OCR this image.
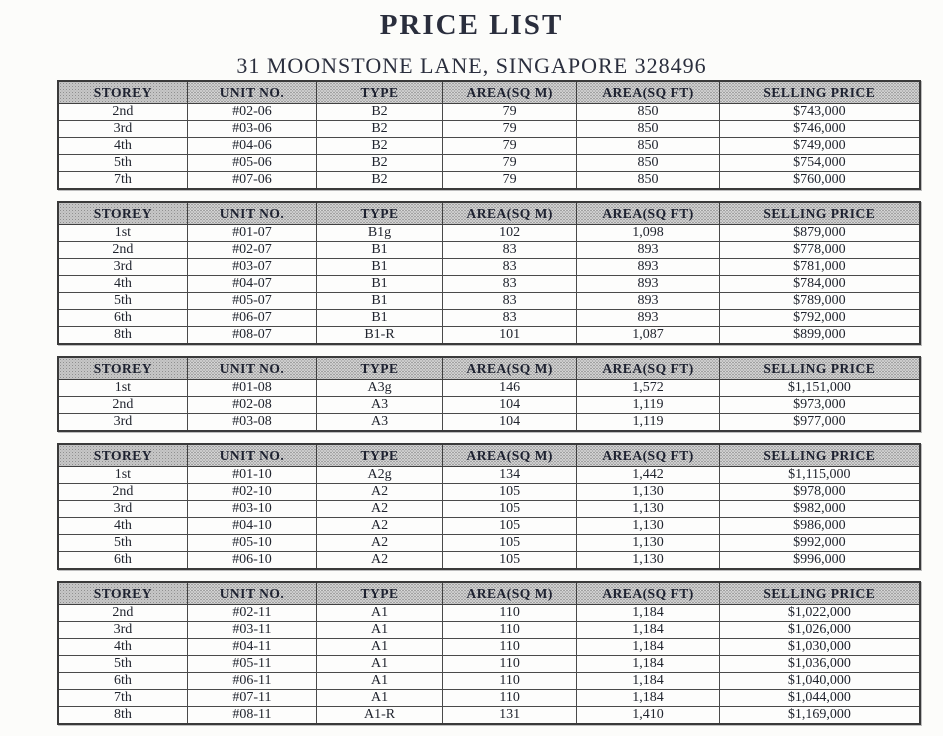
PRICE LIST
31 MOONSTONE LANE, SINGAPORE 328496
STOREY	UNIT NO.	TYPE	AREA(SQ M)	AREA(SQ FT)	SELLING PRICE
2nd	#02-06	B2	79	850	$743,000
3rd	#03-06	B2	79	850	$746,000
4th	#04-06	B2	79	850	$749,000
5th	#05-06	B2	79	850	$754,000
7th	#07-06	B2	79	850	$760,000
STOREY	UNIT NO.	TYPE	AREA(SQ M)	AREA(SQ FT)	SELLING PRICE
1st	#01-07	B1g	102	1,098	$879,000
2nd	#02-07	B1	83	893	$778,000
3rd	#03-07	B1	83	893	$781,000
4th	#04-07	B1	83	893	$784,000
5th	#05-07	B1	83	893	$789,000
6th	#06-07	B1	83	893	$792,000
8th	#08-07	B1-R	101	1,087	$899,000
STOREY	UNIT NO.	TYPE	AREA(SQ M)	AREA(SQ FT)	SELLING PRICE
1st	#01-08	A3g	146	1,572	$1,151,000
2nd	#02-08	A3	104	1,119	$973,000
3rd	#03-08	A3	104	1,119	$977,000
STOREY	UNIT NO.	TYPE	AREA(SQ M)	AREA(SQ FT)	SELLING PRICE
1st	#01-10	A2g	134	1,442	$1,115,000
2nd	#02-10	A2	105	1,130	$978,000
3rd	#03-10	A2	105	1,130	$982,000
4th	#04-10	A2	105	1,130	$986,000
5th	#05-10	A2	105	1,130	$992,000
6th	#06-10	A2	105	1,130	$996,000
STOREY	UNIT NO.	TYPE	AREA(SQ M)	AREA(SQ FT)	SELLING PRICE
2nd	#02-11	A1	110	1,184	$1,022,000
3rd	#03-11	A1	110	1,184	$1,026,000
4th	#04-11	A1	110	1,184	$1,030,000
5th	#05-11	A1	110	1,184	$1,036,000
6th	#06-11	A1	110	1,184	$1,040,000
7th	#07-11	A1	110	1,184	$1,044,000
8th	#08-11	A1-R	131	1,410	$1,169,000
